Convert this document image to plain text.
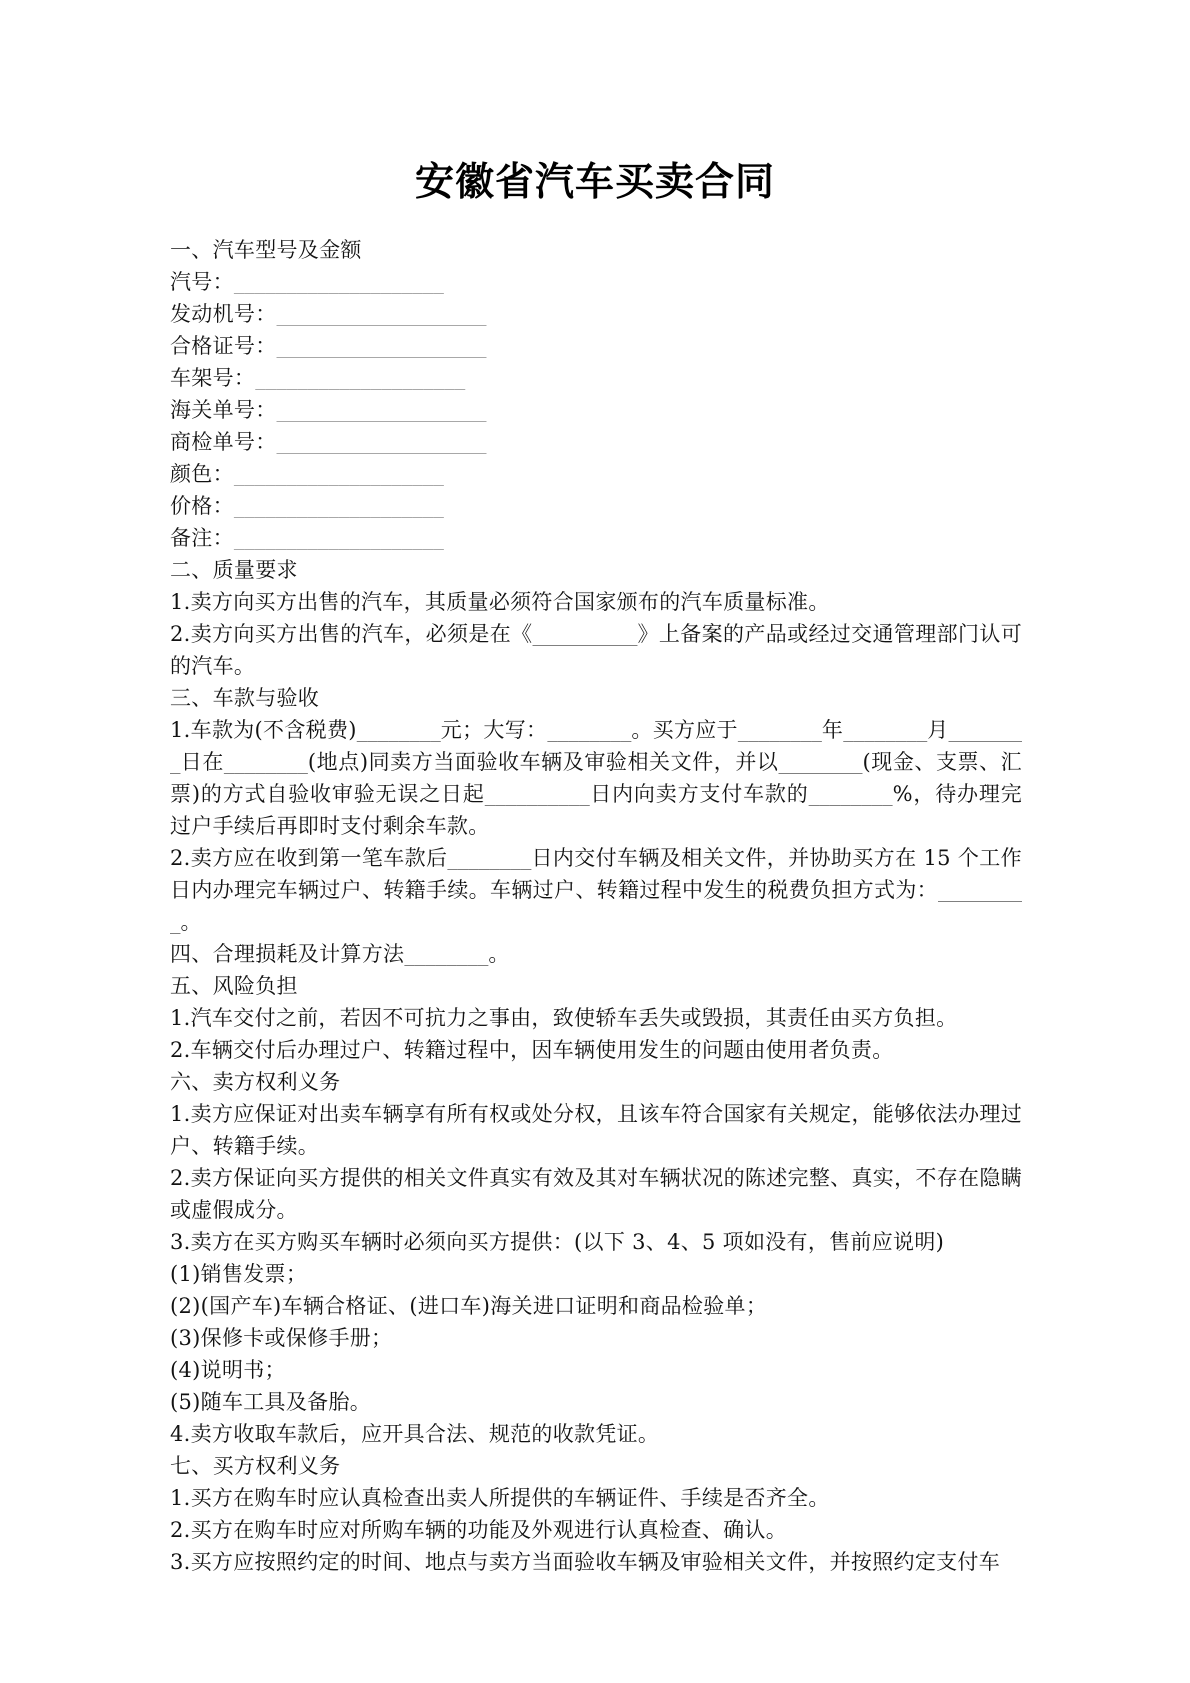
安徽省汽车买卖合同

一、汽车型号及金额

汽号：____________________

发动机号：____________________

合格证号：____________________

车架号：____________________

海关单号：____________________

商检单号：____________________

颜色：____________________

价格：____________________

备注：____________________

二、质量要求

1.卖方向买方出售的汽车，其质量必须符合国家颁布的汽车质量标准。

2.卖方向买方出售的汽车，必须是在《__________》上备案的产品或经过交通管理部门认可的汽车。

三、车款与验收

1.车款为(不含税费)________元；大写：________。买方应于________年________月________日在________(地点)同卖方当面验收车辆及审验相关文件，并以________(现金、支票、汇票)的方式自验收审验无误之日起__________日内向卖方支付车款的________%，待办理完过户手续后再即时支付剩余车款。

2.卖方应在收到第一笔车款后________日内交付车辆及相关文件，并协助买方在 15 个工作日内办理完车辆过户、转籍手续。车辆过户、转籍过程中发生的税费负担方式为：_________。

四、合理损耗及计算方法________。

五、风险负担

1.汽车交付之前，若因不可抗力之事由，致使轿车丢失或毁损，其责任由买方负担。

2.车辆交付后办理过户、转籍过程中，因车辆使用发生的问题由使用者负责。

六、卖方权利义务

1.卖方应保证对出卖车辆享有所有权或处分权，且该车符合国家有关规定，能够依法办理过户、转籍手续。

2.卖方保证向买方提供的相关文件真实有效及其对车辆状况的陈述完整、真实，不存在隐瞒或虚假成分。

3.卖方在买方购买车辆时必须向买方提供：(以下 3、4、5 项如没有，售前应说明)

(1)销售发票；

(2)(国产车)车辆合格证、(进口车)海关进口证明和商品检验单；

(3)保修卡或保修手册；

(4)说明书；

(5)随车工具及备胎。

4.卖方收取车款后，应开具合法、规范的收款凭证。

七、买方权利义务

1.买方在购车时应认真检查出卖人所提供的车辆证件、手续是否齐全。

2.买方在购车时应对所购车辆的功能及外观进行认真检查、确认。

3.买方应按照约定的时间、地点与卖方当面验收车辆及审验相关文件，并按照约定支付车
